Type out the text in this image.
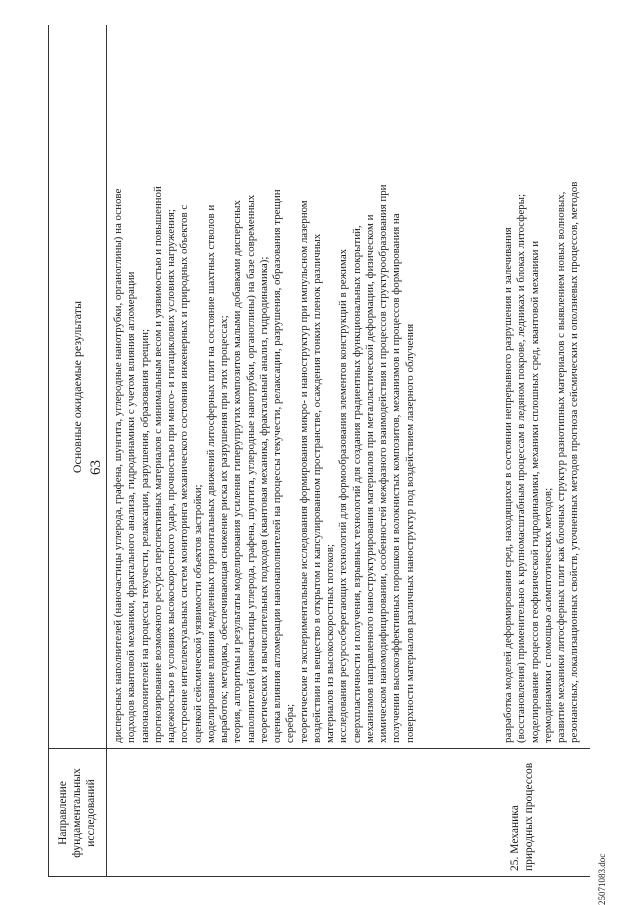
63
Направление
фундаментальных
исследований
Основные ожидаемые результаты	дисперсных наполнителей (наночастицы углерода, графена, шунгита, углеродные нанотрубки, органоглины) на основе подходов квантовой механики, фрактального анализа, гидродинамики с учетом влияния агломерации наноналонителей на процессы текучести, релаксации, разрушения, образования трещин; прогнозирование возможного ресурса перспективных материалов с минимальным весом и уязвимостью и повышенной надежностью в условиях высокоскоростного удара, прочностью при много- и гигациклових условиях нагружения; построение интеллектуальных систем мониторинга механического состояния инженерных и природных объектов с оценкой сейсмической уязвимости объектов застройки; моделирование влияния медленных горизонтальных движений литосферных плит на состояние шахтных стволов и выработок; методика, обеспечивающая снижение риска их разрушения при этих процессах; теория, алгоритмы и результаты моделирования усиления гиперупругих композитов малыми добавками дисперсных наполнителей (наночастицы углерода, графена, шунгита, углеродные нанотрубки, органоглины) на базе современных теоретических и вычислительных подходов (квантовая механика, фрактальный анализ, гидродинамика); оценка влияния агломерации нанонаполнителей на процессы текучести, релаксации, разрушения, образования трещин серебра; теоретические и экспериментальные исследования формирования микро- и наноструктур при импульсном лазерном воздействии на вещество в открытом и капсулированном пространстве, осаждения тонких пленок различных материалов из высокоскоростных потоков; исследования ресурсосберегающих технологий для формообразования элементов конструкций в режимах сверхпластичности и получения, взрывных технологий для создания градиентных функциональных покрытий, механизмов направленного наноструктурирования материалов при металластической деформации, физическом и химическом наномодифицировании, особенностей межфазного взаимодействия и процессов структурообразования при получении высокоэффективных порошков и волокнистых композитов, механизмов и процессов формирования на поверхности материалов различных наноструктур под воздействием лазерного облучения	разработка моделей деформирования сред, находящихся в состоянии непрерывного разрушения и залечивания (восстановления) применительно к крупномасштабным процессам в ледяном покрове, ледниках и блоках литосферы; моделирование процессов геофизической гидродинамики, механики сплошных сред, квантовой механики и термодинамики с помощью асимптотических методов; развитие механики литосферных плит как блочных структур разнотипных материалов с выявлением новых волновых, резонансных, локализационных свойств, уточненных методов прогноза сейсмических и оползневых процессов, методов
25. Механика
природных процессов
25071083.doc
